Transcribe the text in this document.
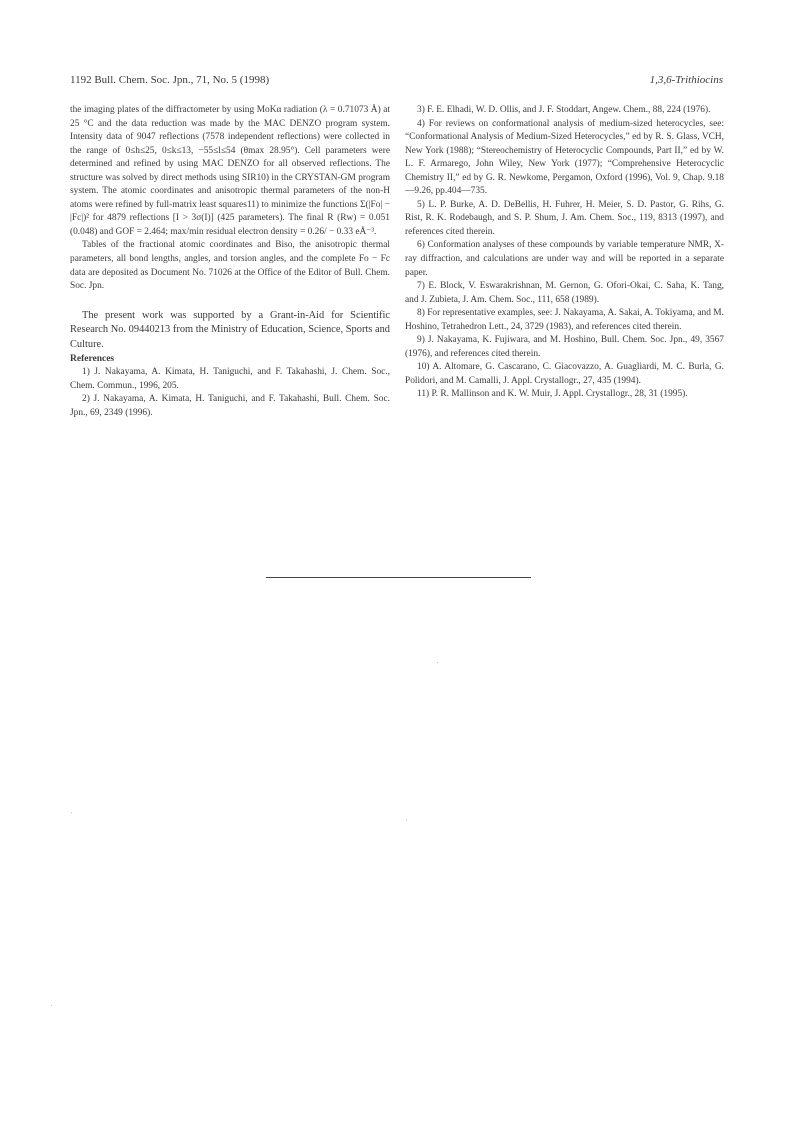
1192 Bull. Chem. Soc. Jpn., 71, No. 5 (1998)	1,3,6-Trithiocins

the imaging plates of the diffractometer by using MoKα radiation (λ = 0.71073 Å) at 25 °C and the data reduction was made by the MAC DENZO program system. Intensity data of 9047 reflections (7578 independent reflections) were collected in the range of 0≤h≤25, 0≤k≤13, −55≤l≤54 (θmax 28.95°). Cell parameters were determined and refined by using MAC DENZO for all observed reflections. The structure was solved by direct methods using SIR10) in the CRYSTAN-GM program system. The atomic coordinates and anisotropic thermal parameters of the non-H atoms were refined by full-matrix least squares11) to minimize the functions Σ(|Fo| − |Fc|)² for 4879 reflections [I > 3σ(I)] (425 parameters). The final R (Rw) = 0.051 (0.048) and GOF = 2.464; max/min residual electron density = 0.26/ − 0.33 eÅ⁻³.

Tables of the fractional atomic coordinates and Biso, the anisotropic thermal parameters, all bond lengths, angles, and torsion angles, and the complete Fo − Fc data are deposited as Document No. 71026 at the Office of the Editor of Bull. Chem. Soc. Jpn.

The present work was supported by a Grant-in-Aid for Scientific Research No. 09440213 from the Ministry of Education, Science, Sports and Culture.

References

1) J. Nakayama, A. Kimata, H. Taniguchi, and F. Takahashi, J. Chem. Soc., Chem. Commun., 1996, 205.

2) J. Nakayama, A. Kimata, H. Taniguchi, and F. Takahashi, Bull. Chem. Soc. Jpn., 69, 2349 (1996).

3) F. E. Elhadi, W. D. Ollis, and J. F. Stoddart, Angew. Chem., 88, 224 (1976).

4) For reviews on conformational analysis of medium-sized heterocycles, see: “Conformational Analysis of Medium-Sized Heterocycles,” ed by R. S. Glass, VCH, New York (1988); “Stereochemistry of Heterocyclic Compounds, Part II,” ed by W. L. F. Armarego, John Wiley, New York (1977); “Comprehensive Heterocyclic Chemistry II,” ed by G. R. Newkome, Pergamon, Oxford (1996), Vol. 9, Chap. 9.18—9.26, pp.404—735.

5) L. P. Burke, A. D. DeBellis, H. Fuhrer, H. Meier, S. D. Pastor, G. Rihs, G. Rist, R. K. Rodebaugh, and S. P. Shum, J. Am. Chem. Soc., 119, 8313 (1997), and references cited therein.

6) Conformation analyses of these compounds by variable temperature NMR, X-ray diffraction, and calculations are under way and will be reported in a separate paper.

7) E. Block, V. Eswarakrishnan, M. Gernon, G. Ofori-Okai, C. Saha, K. Tang, and J. Zubieta, J. Am. Chem. Soc., 111, 658 (1989).

8) For representative examples, see: J. Nakayama, A. Sakai, A. Tokiyama, and M. Hoshino, Tetrahedron Lett., 24, 3729 (1983), and references cited therein.

9) J. Nakayama, K. Fujiwara, and M. Hoshino, Bull. Chem. Soc. Jpn., 49, 3567 (1976), and references cited therein.

10) A. Altomare, G. Cascarano, C. Giacovazzo, A. Guagliardi, M. C. Burla, G. Polidori, and M. Camalli, J. Appl. Crystallogr., 27, 435 (1994).

11) P. R. Mallinson and K. W. Muir, J. Appl. Crystallogr., 28, 31 (1995).
